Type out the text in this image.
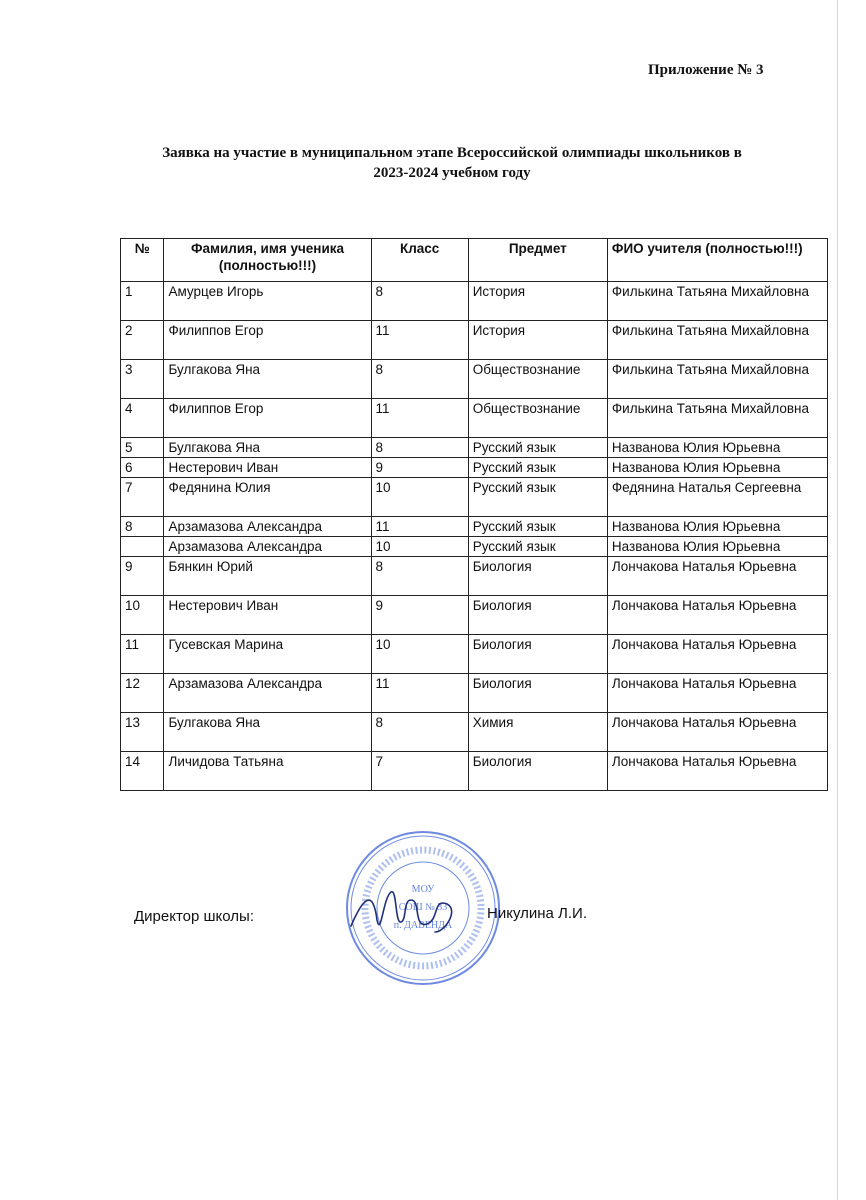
Приложение № 3
Заявка на участие в муниципальном этапе Всероссийской олимпиады школьников в
2023-2024 учебном году
№	Фамилия, имя ученика (полностью!!!)	Класс	Предмет	ФИО учителя (полностью!!!)
1	Амурцев Игорь	8	История	Филькина Татьяна Михайловна
2	Филиппов Егор	11	История	Филькина Татьяна Михайловна
3	Булгакова Яна	8	Обществознание	Филькина Татьяна Михайловна
4	Филиппов Егор	11	Обществознание	Филькина Татьяна Михайловна
5	Булгакова Яна	8	Русский язык	Названова Юлия Юрьевна
6	Нестерович Иван	9	Русский язык	Названова Юлия Юрьевна
7	Федянина Юлия	10	Русский язык	Федянина Наталья Сергеевна
8	Арзамазова Александра	11	Русский язык	Названова Юлия Юрьевна
	Арзамазова Александра	10	Русский язык	Названова Юлия Юрьевна
9	Бянкин Юрий	8	Биология	Лончакова Наталья Юрьевна
10	Нестерович Иван	9	Биология	Лончакова Наталья Юрьевна
11	Гусевская Марина	10	Биология	Лончакова Наталья Юрьевна
12	Арзамазова Александра	11	Биология	Лончакова Наталья Юрьевна
13	Булгакова Яна	8	Химия	Лончакова Наталья Юрьевна
14	Личидова Татьяна	7	Биология	Лончакова Наталья Юрьевна
Директор школы:
МОУ
СОШ № 33
п. ДАВЕНДА
Никулина Л.И.
